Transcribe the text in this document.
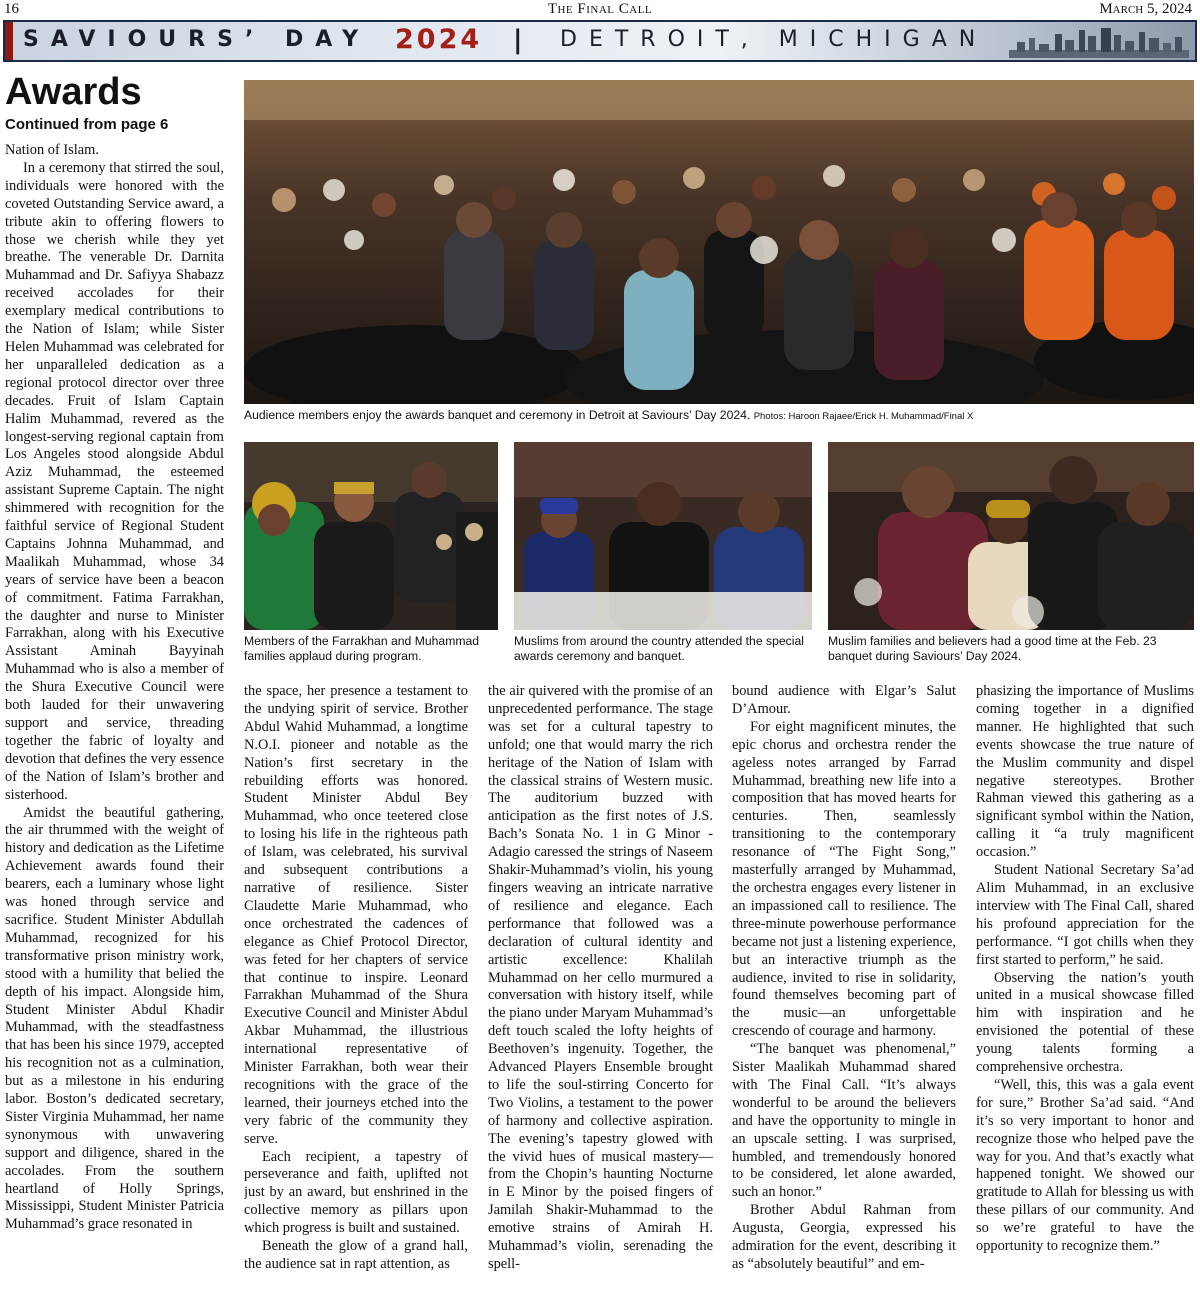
16	The Final Call	March 5, 2024
SAVIOURS’ DAY 2024 | DETROIT, MICHIGAN
Awards
Continued from page 6

Nation of Islam.

In a ceremony that stirred the soul, individuals were honored with the coveted Outstanding Service award, a tribute akin to offering flowers to those we cherish while they yet breathe. The venerable Dr. Darnita Muhammad and Dr. Safiyya Shabazz received accolades for their exemplary medical contributions to the Nation of Islam; while Sister Helen Muhammad was celebrated for her unparalleled dedication as a regional protocol director over three decades. Fruit of Islam Captain Halim Muhammad, revered as the longest-serving regional captain from Los Angeles stood alongside Abdul Aziz Muhammad, the esteemed assistant Supreme Captain. The night shimmered with recognition for the faithful service of Regional Student Captains Johnna Muhammad, and Maalikah Muhammad, whose 34 years of service have been a beacon of commitment. Fatima Farrakhan, the daughter and nurse to Minister Farrakhan, along with his Executive Assistant Aminah Bayyinah Muhammad who is also a member of the Shura Executive Council were both lauded for their unwavering support and service, threading together the fabric of loyalty and devotion that defines the very essence of the Nation of Islam’s brother and sisterhood.

Amidst the beautiful gathering, the air thrummed with the weight of history and dedication as the Lifetime Achievement awards found their bearers, each a luminary whose light was honed through service and sacrifice. Student Minister Abdullah Muhammad, recognized for his transformative prison ministry work, stood with a humility that belied the depth of his impact. Alongside him, Student Minister Abdul Khadir Muhammad, with the steadfastness that has been his since 1979, accepted his recognition not as a culmination, but as a milestone in his enduring labor. Boston’s dedicated secretary, Sister Virginia Muhammad, her name synonymous with unwavering support and diligence, shared in the accolades. From the southern heartland of Holly Springs, Mississippi, Student Minister Patricia Muhammad’s grace resonated in

Audience members enjoy the awards banquet and ceremony in Detroit at Saviours’ Day 2024. Photos: Haroon Rajaee/Erick H. Muhammad/Final X
Members of the Farrakhan and Muhammad families applaud during program.
Muslims from around the country attended the special awards ceremony and banquet.
Muslim families and believers had a good time at the Feb. 23 banquet during Saviours’ Day 2024.

the space, her presence a testament to the undying spirit of service. Brother Abdul Wahid Muhammad, a longtime N.O.I. pioneer and notable as the Nation’s first secretary in the rebuilding efforts was honored. Student Minister Abdul Bey Muhammad, who once teetered close to losing his life in the righteous path of Islam, was celebrated, his survival and subsequent contributions a narrative of resilience. Sister Claudette Marie Muhammad, who once orchestrated the cadences of elegance as Chief Protocol Director, was feted for her chapters of service that continue to inspire. Leonard Farrakhan Muhammad of the Shura Executive Council and Minister Abdul Akbar Muhammad, the illustrious international representative of Minister Farrakhan, both wear their recognitions with the grace of the learned, their journeys etched into the very fabric of the community they serve.

Each recipient, a tapestry of perseverance and faith, uplifted not just by an award, but enshrined in the collective memory as pillars upon which progress is built and sustained.

Beneath the glow of a grand hall, the audience sat in rapt attention, as

the air quivered with the promise of an unprecedented performance. The stage was set for a cultural tapestry to unfold; one that would marry the rich heritage of the Nation of Islam with the classical strains of Western music. The auditorium buzzed with anticipation as the first notes of J.S. Bach’s Sonata No. 1 in G Minor - Adagio caressed the strings of Naseem Shakir-Muhammad’s violin, his young fingers weaving an intricate narrative of resilience and elegance. Each performance that followed was a declaration of cultural identity and artistic excellence: Khalilah Muhammad on her cello murmured a conversation with history itself, while the piano under Maryam Muhammad’s deft touch scaled the lofty heights of Beethoven’s ingenuity. Together, the Advanced Players Ensemble brought to life the soul-stirring Concerto for Two Violins, a testament to the power of harmony and collective aspiration. The evening’s tapestry glowed with the vivid hues of musical mastery—from the Chopin’s haunting Nocturne in E Minor by the poised fingers of Jamilah Shakir-Muhammad to the emotive strains of Amirah H. Muhammad’s violin, serenading the spell-

bound audience with Elgar’s Salut D’Amour.

For eight magnificent minutes, the epic chorus and orchestra render the ageless notes arranged by Farrad Muhammad, breathing new life into a composition that has moved hearts for centuries. Then, seamlessly transitioning to the contemporary resonance of “The Fight Song,” masterfully arranged by Muhammad, the orchestra engages every listener in an impassioned call to resilience. The three-minute powerhouse performance became not just a listening experience, but an interactive triumph as the audience, invited to rise in solidarity, found themselves becoming part of the music—an unforgettable crescendo of courage and harmony.

“The banquet was phenomenal,” Sister Maalikah Muhammad shared with The Final Call. “It’s always wonderful to be around the believers and have the opportunity to mingle in an upscale setting. I was surprised, humbled, and tremendously honored to be considered, let alone awarded, such an honor.”

Brother Abdul Rahman from Augusta, Georgia, expressed his admiration for the event, describing it as “absolutely beautiful” and em-

phasizing the importance of Muslims coming together in a dignified manner. He highlighted that such events showcase the true nature of the Muslim community and dispel negative stereotypes. Brother Rahman viewed this gathering as a significant symbol within the Nation, calling it “a truly magnificent occasion.”

Student National Secretary Sa’ad Alim Muhammad, in an exclusive interview with The Final Call, shared his profound appreciation for the performance. “I got chills when they first started to perform,” he said.

Observing the nation’s youth united in a musical showcase filled him with inspiration and he envisioned the potential of these young talents forming a comprehensive orchestra.

“Well, this, this was a gala event for sure,” Brother Sa’ad said. “And it’s so very important to honor and recognize those who helped pave the way for you. And that’s exactly what happened tonight. We showed our gratitude to Allah for blessing us with these pillars of our community. And so we’re grateful to have the opportunity to recognize them.”
